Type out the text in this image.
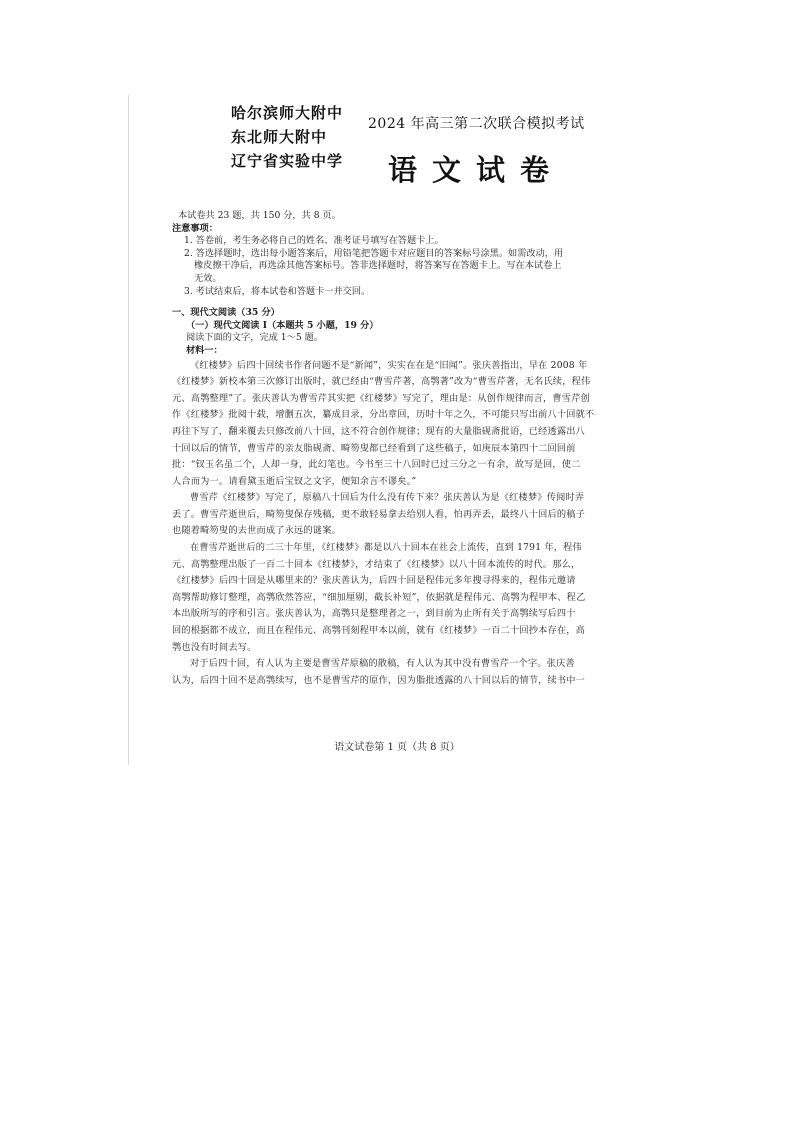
哈尔滨师大附中
东北师大附中
辽宁省实验中学
2024 年高三第二次联合模拟考试
语文试卷
本试卷共 23 题，共 150 分，共 8 页。
注意事项：
1. 答卷前，考生务必将自己的姓名、准考证号填写在答题卡上。
2. 答选择题时，选出每小题答案后，用铅笔把答题卡对应题目的答案标号涂黑。如需改动，用
橡皮擦干净后，再选涂其他答案标号。答非选择题时，将答案写在答题卡上。写在本试卷上
无效。
3. 考试结束后，将本试卷和答题卡一并交回。
一、现代文阅读（35 分）
（一）现代文阅读 Ⅰ（本题共 5 小题，19 分）
阅读下面的文字，完成 1～5 题。
材料一：
《红楼梦》后四十回续书作者问题不是“新闻”，实实在在是“旧闻”。张庆善指出，早在 2008 年
《红楼梦》新校本第三次修订出版时，就已经由“曹雪芹著，高鹗著”改为“曹雪芹著，无名氏续，程伟
元、高鹗整理”了。张庆善认为曹雪芹其实把《红楼梦》写完了，理由是：从创作规律而言，曹雪芹创
作《红楼梦》批阅十载，增删五次，纂成目录，分出章回，历时十年之久，不可能只写出前八十回就不
再往下写了，翻来覆去只修改前八十回，这不符合创作规律；现有的大量脂砚斋批语，已经透露出八
十回以后的情节，曹雪芹的亲友脂砚斋、畸笏叟都已经看到了这些稿子，如庚辰本第四十二回回前
批：“钗玉名虽二个，人却一身，此幻笔也。今书至三十八回时已过三分之一有余，故写是回，使二
人合而为一。请看黛玉逝后宝钗之文字，便知余言不谬矣。”
曹雪芹《红楼梦》写完了，原稿八十回后为什么没有传下来？张庆善认为是《红楼梦》传阅时弄
丢了。曹雪芹逝世后，畸笏叟保存残稿，更不敢轻易拿去给别人看，怕再弄丢，最终八十回后的稿子
也随着畸笏叟的去世而成了永远的谜案。
在曹雪芹逝世后的二三十年里，《红楼梦》都是以八十回本在社会上流传，直到 1791 年，程伟
元、高鹗整理出版了一百二十回本《红楼梦》，才结束了《红楼梦》以八十回本流传的时代。那么，
《红楼梦》后四十回是从哪里来的？张庆善认为，后四十回是程伟元多年搜寻得来的，程伟元邀请
高鹗帮助修订整理，高鹗欣然答应，“细加厘剔，截长补短”，依据就是程伟元、高鹗为程甲本、程乙
本出版所写的序和引言。张庆善认为，高鹗只是整理者之一，到目前为止所有关于高鹗续写后四十
回的根据都不成立，而且在程伟元、高鹗刊刻程甲本以前，就有《红楼梦》一百二十回抄本存在，高
鹗也没有时间去写。
对于后四十回，有人认为主要是曹雪芹原稿的散稿，有人认为其中没有曹雪芹一个字。张庆善
认为，后四十回不是高鹗续写，也不是曹雪芹的原作，因为脂批透露的八十回以后的情节，续书中一
语文试卷第 1 页（共 8 页）
